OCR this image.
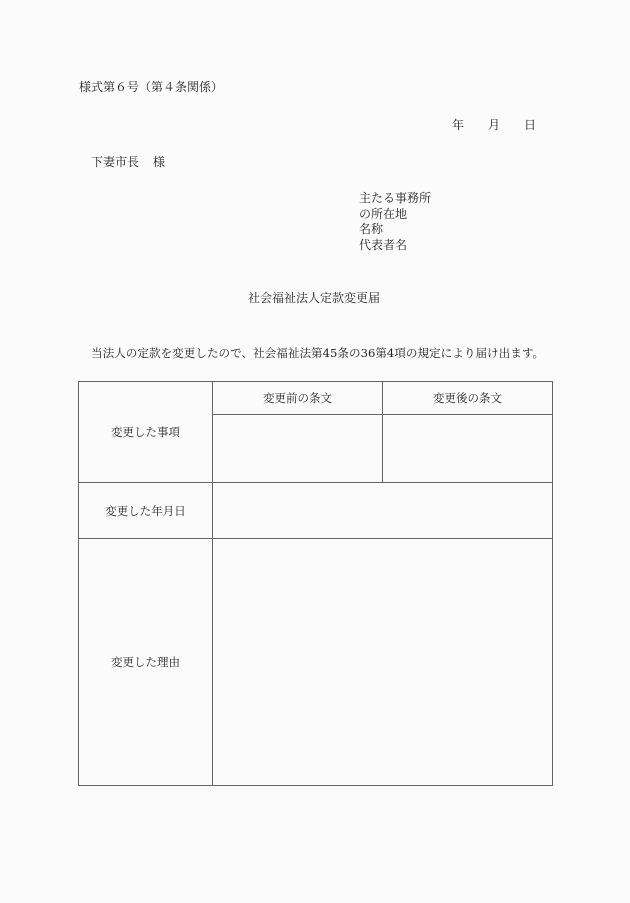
様式第６号（第４条関係）
年 月 日
下妻市長 様
主たる事務所
の所在地
名称
代表者名
社会福祉法人定款変更届
当法人の定款を変更したので、社会福祉法第45条の36第4項の規定により届け出ます。
変更した事項	変更前の条文	変更後の条文

変更した年月日		
変更した理由		
